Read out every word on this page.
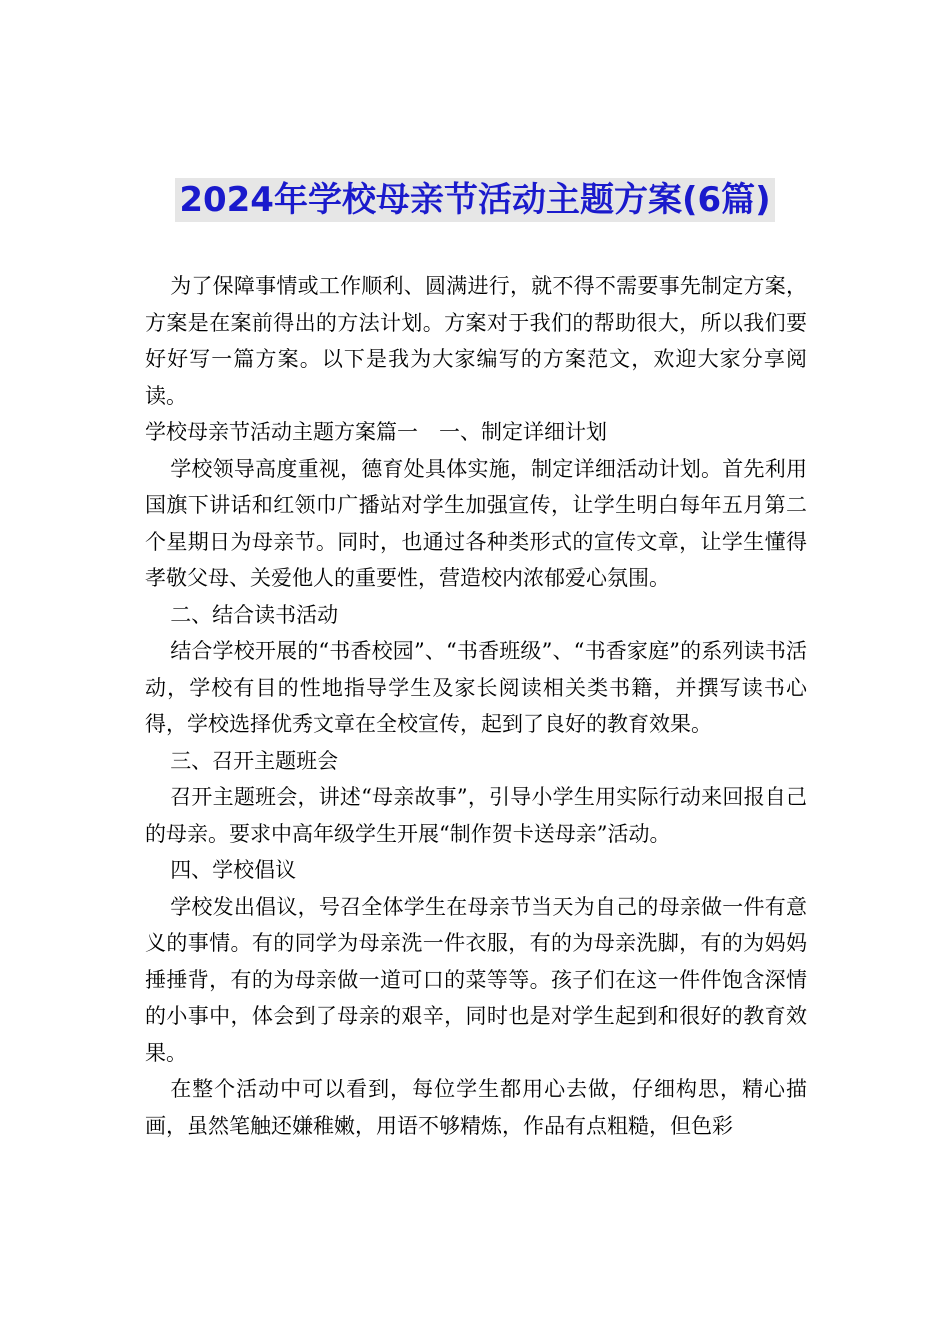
2024年学校母亲节活动主题方案(6篇)

为了保障事情或工作顺利、圆满进行，就不得不需要事先制定方案，方案是在案前得出的方法计划。方案对于我们的帮助很大，所以我们要好好写一篇方案。以下是我为大家编写的方案范文，欢迎大家分享阅读。

学校母亲节活动主题方案篇一　一、制定详细计划

学校领导高度重视，德育处具体实施，制定详细活动计划。首先利用国旗下讲话和红领巾广播站对学生加强宣传，让学生明白每年五月第二个星期日为母亲节。同时，也通过各种类形式的宣传文章，让学生懂得孝敬父母、关爱他人的重要性，营造校内浓郁爱心氛围。

二、结合读书活动

结合学校开展的“书香校园”、“书香班级”、“书香家庭”的系列读书活动，学校有目的性地指导学生及家长阅读相关类书籍，并撰写读书心得，学校选择优秀文章在全校宣传，起到了良好的教育效果。

三、召开主题班会

召开主题班会，讲述“母亲故事”，引导小学生用实际行动来回报自己的母亲。要求中高年级学生开展“制作贺卡送母亲”活动。

四、学校倡议

学校发出倡议，号召全体学生在母亲节当天为自己的母亲做一件有意义的事情。有的同学为母亲洗一件衣服，有的为母亲洗脚，有的为妈妈捶捶背，有的为母亲做一道可口的菜等等。孩子们在这一件件饱含深情的小事中，体会到了母亲的艰辛，同时也是对学生起到和很好的教育效果。

在整个活动中可以看到，每位学生都用心去做，仔细构思，精心描画，虽然笔触还嫌稚嫩，用语不够精炼，作品有点粗糙，但色彩
